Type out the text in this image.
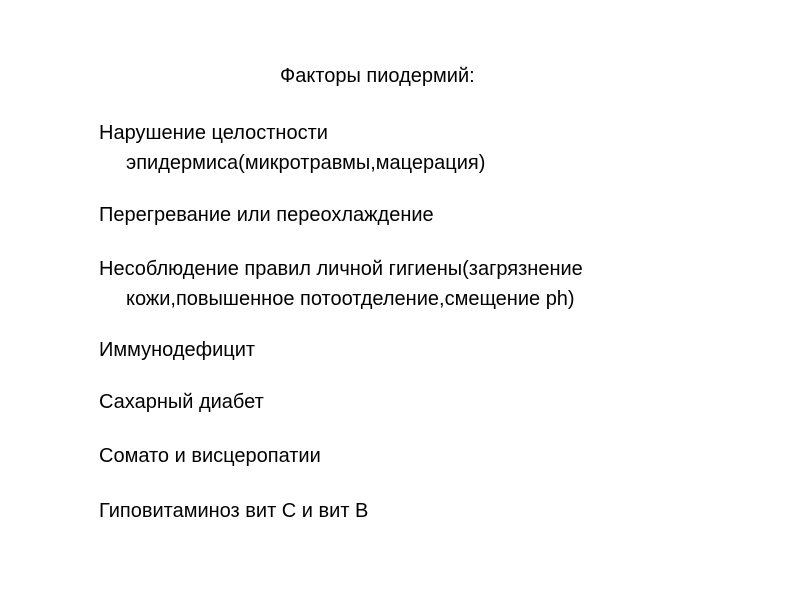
Факторы пиодермий:
Нарушение целостности
эпидермиса(микротравмы,мацерация)
Перегревание или переохлаждение
Несоблюдение правил личной гигиены(загрязнение
кожи,повышенное потоотделение,смещение ph)
Иммунодефицит
Сахарный диабет
Сомато и висцеропатии
Гиповитаминоз вит С и вит В
